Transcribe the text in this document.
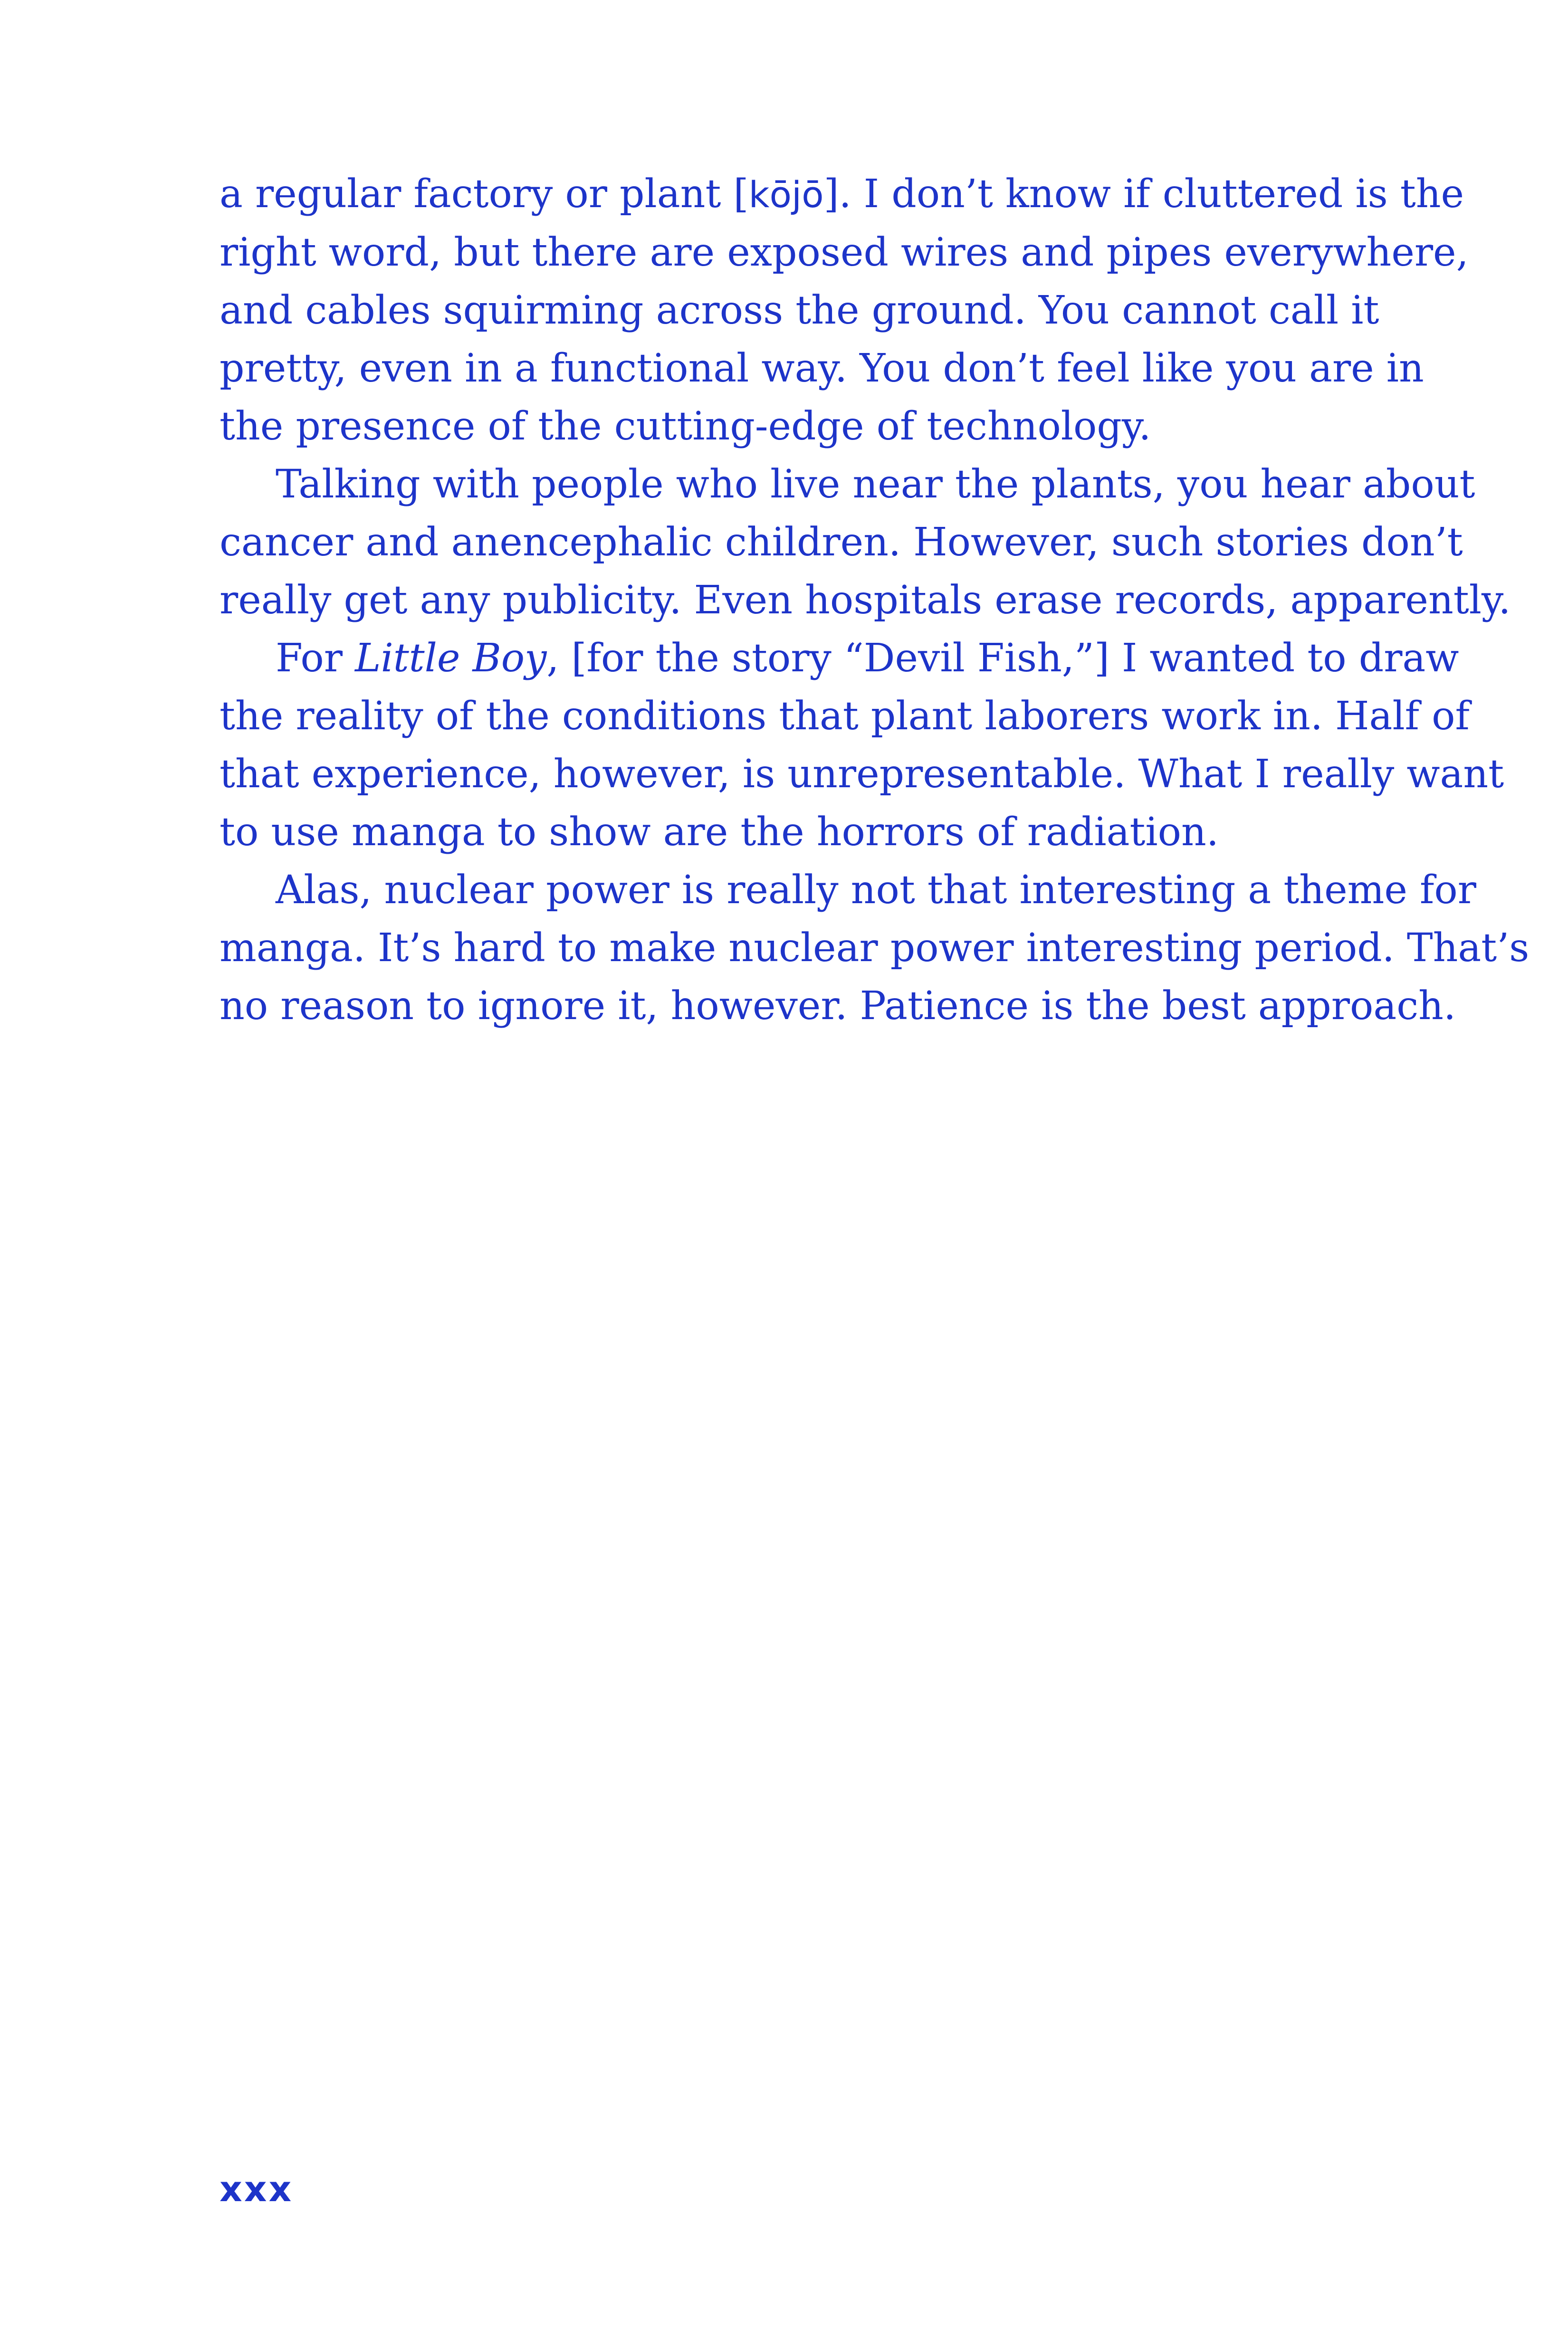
a regular factory or plant [kōjō]. I don’t know if cluttered is the
right word, but there are exposed wires and pipes everywhere,
and cables squirming across the ground. You cannot call it
pretty, even in a functional way. You don’t feel like you are in
the presence of the cutting-edge of technology.

Talking with people who live near the plants, you hear about
cancer and anencephalic children. However, such stories don’t
really get any publicity. Even hospitals erase records, apparently.

For Little Boy, [for the story “Devil Fish,”] I wanted to draw
the reality of the conditions that plant laborers work in. Half of
that experience, however, is unrepresentable. What I really want
to use manga to show are the horrors of radiation.

Alas, nuclear power is really not that interesting a theme for
manga. It’s hard to make nuclear power interesting period. That’s
no reason to ignore it, however. Patience is the best approach.

xxx
